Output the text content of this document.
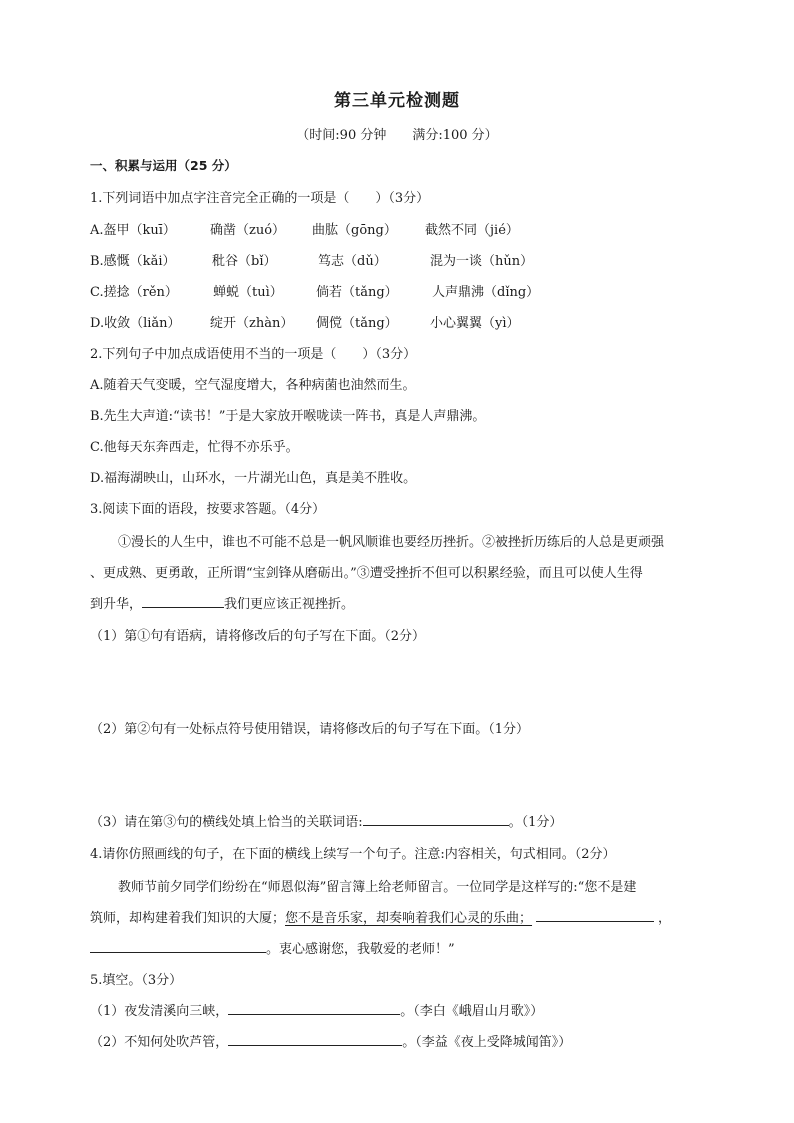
第三单元检测题
（时间:90 分钟 满分:100 分）
一、积累与运用（25 分）
1.下列词语中加点字注音完全正确的一项是（　　）（3分）
A.盔甲（kuī）	确凿（zuó） 曲肱（gōng） 截然不同（jié）
B.感慨（kǎi）	秕谷（bǐ）	笃志（dǔ）	混为一谈（hǔn）
C.搓捻（rěn）	蝉蜕（tuì）	倘若（tǎng）	人声鼎沸（dǐng）
D.收敛（liǎn） 绽开（zhàn） 倜傥（tǎng） 小心翼翼（yì）
2.下列句子中加点成语使用不当的一项是（　　）（3分）
A.随着天气变暖，空气湿度增大，各种病菌也油然而生。
B.先生大声道:“读书！”于是大家放开喉咙读一阵书，真是人声鼎沸。
C.他每天东奔西走，忙得不亦乐乎。
D.福海湖映山，山环水，一片湖光山色，真是美不胜收。
3.阅读下面的语段，按要求答题。（4分）
①漫长的人生中，谁也不可能不总是一帆风顺谁也要经历挫折。②被挫折历练后的人总是更顽强
、更成熟、更勇敢，正所谓“宝剑锋从磨砺出。”③遭受挫折不但可以积累经验，而且可以使人生得
到升华，	我们更应该正视挫折。
（1）第①句有语病，请将修改后的句子写在下面。（2分）
（2）第②句有一处标点符号使用错误，请将修改后的句子写在下面。（1分）
（3）请在第③句的横线处填上恰当的关联词语:	。（1分）
4.请你仿照画线的句子，在下面的横线上续写一个句子。注意:内容相关，句式相同。（2分）
教师节前夕同学们纷纷在“师恩似海”留言簿上给老师留言。一位同学是这样写的:“您不是建
筑师，却构建着我们知识的大厦；您不是音乐家，却奏响着我们心灵的乐曲；	，
。衷心感谢您，我敬爱的老师！”
5.填空。（3分）
（1）夜发清溪向三峡，	。（李白《峨眉山月歌》）
（2）不知何处吹芦管，	。（李益《夜上受降城闻笛》）
